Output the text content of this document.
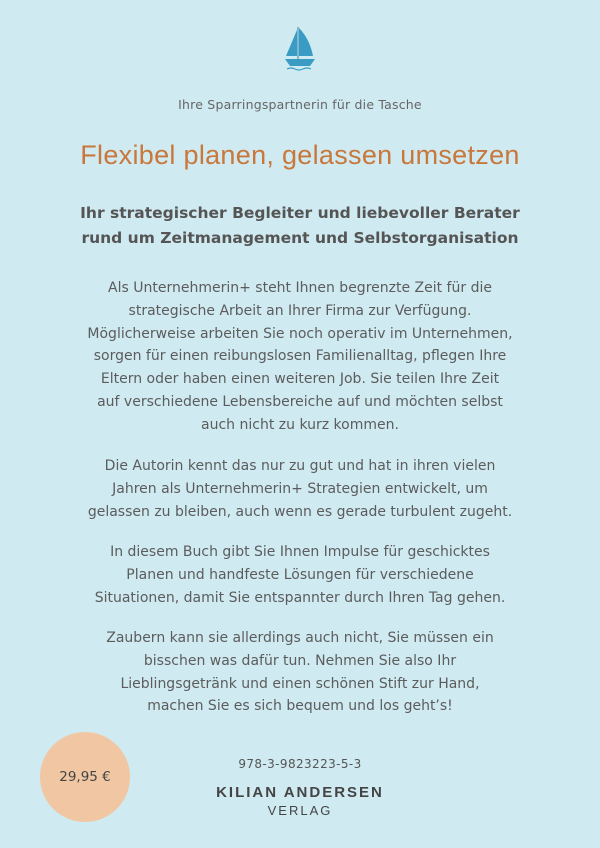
Ihre Sparringspartnerin für die Tasche
Flexibel planen, gelassen umsetzen
Ihr strategischer Begleiter und liebevoller Berater
rund um Zeitmanagement und Selbstorganisation
Als Unternehmerin+ steht Ihnen begrenzte Zeit für die
strategische Arbeit an Ihrer Firma zur Verfügung.
Möglicherweise arbeiten Sie noch operativ im Unternehmen,
sorgen für einen reibungslosen Familienalltag, pflegen Ihre
Eltern oder haben einen weiteren Job. Sie teilen Ihre Zeit
auf verschiedene Lebensbereiche auf und möchten selbst
auch nicht zu kurz kommen.
Die Autorin kennt das nur zu gut und hat in ihren vielen
Jahren als Unternehmerin+ Strategien entwickelt, um
gelassen zu bleiben, auch wenn es gerade turbulent zugeht.
In diesem Buch gibt Sie Ihnen Impulse für geschicktes
Planen und handfeste Lösungen für verschiedene
Situationen, damit Sie entspannter durch Ihren Tag gehen.
Zaubern kann sie allerdings auch nicht, Sie müssen ein
bisschen was dafür tun. Nehmen Sie also Ihr
Lieblingsgetränk und einen schönen Stift zur Hand,
machen Sie es sich bequem und los geht’s!
29,95 €
978-3-9823223-5-3
KILIAN ANDERSEN
VERLAG
